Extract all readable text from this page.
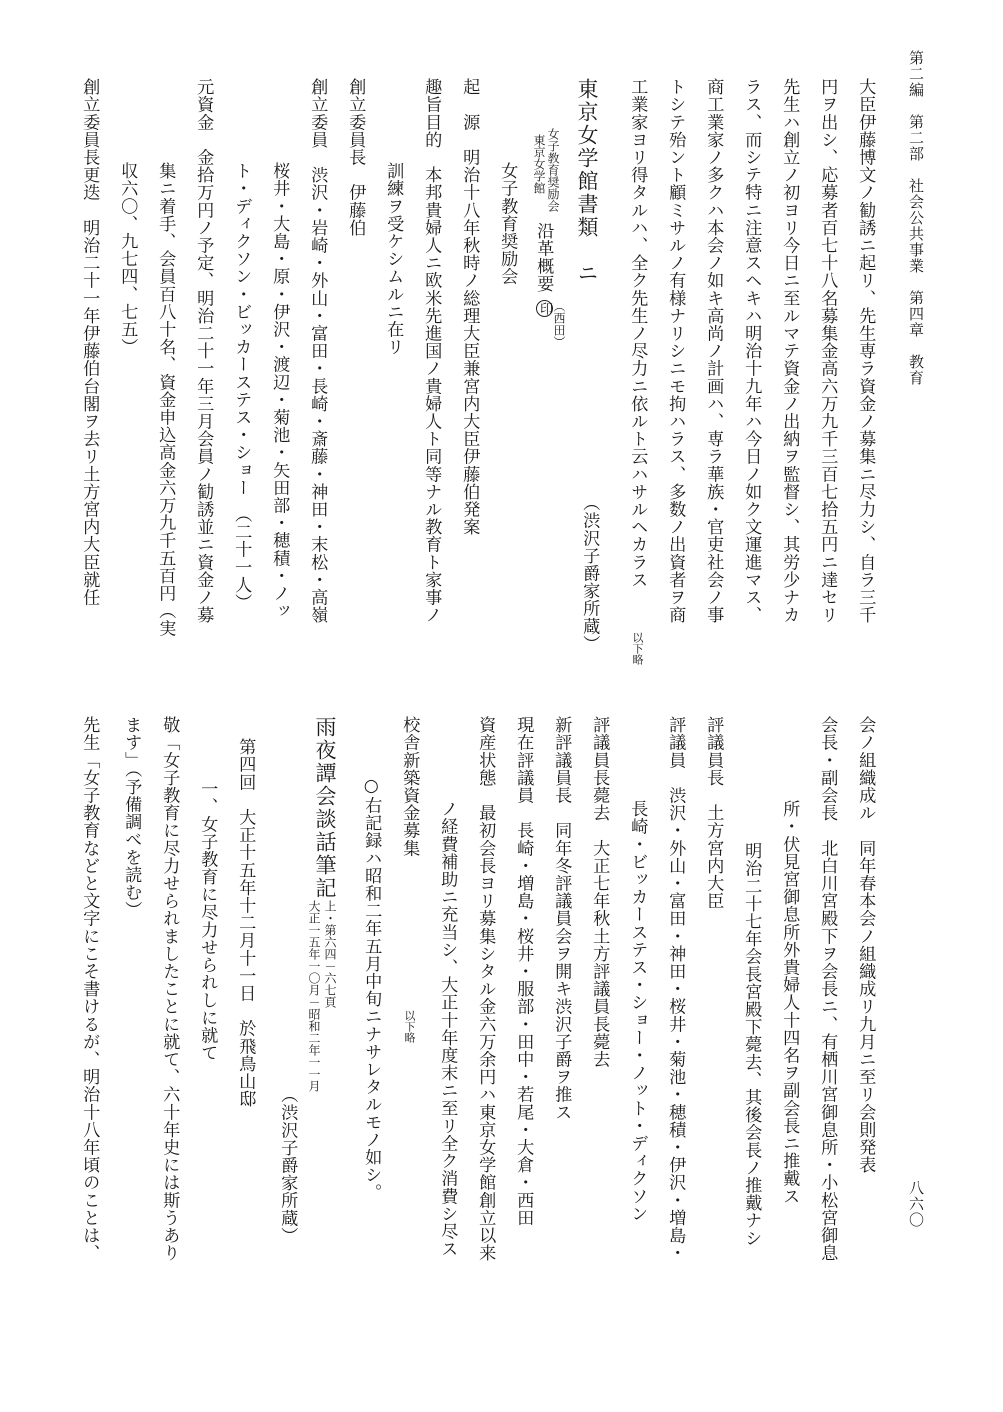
第二編　第二部　社会公共事業　第四章　教育
八六〇
大臣伊藤博文ノ勧誘ニ起リ、先生専ラ資金ノ募集ニ尽力シ、自ラ三千
円ヲ出シ、応募者百七十八名募集金高六万九千三百七拾五円ニ達セリ
先生ハ創立ノ初ヨリ今日ニ至ルマテ資金ノ出納ヲ監督シ、其労少ナカ
ラス、而シテ特ニ注意スヘキハ明治十九年ハ今日ノ如ク文運進マス、
商工業家ノ多クハ本会ノ如キ高尚ノ計画ハ、専ラ華族・官吏社会ノ事
トシテ殆ント顧ミサルノ有様ナリシニモ拘ハラス、多数ノ出資者ヲ商
工業家ヨリ得タルハ、全ク先生ノ尽力ニ依ルト云ハサルヘカラス
以下略
東京女学館書類　ニ
（渋沢子爵家所蔵）
女子教育奨励会
東京女学館
沿革概要
（西田）
印
女子教育奨励会
起　源　明治十八年秋時ノ総理大臣兼宮内大臣伊藤伯発案
趣旨目的　本邦貴婦人ニ欧米先進国ノ貴婦人ト同等ナル教育ト家事ノ
訓練ヲ受ケシムルニ在リ
創立委員長　伊藤伯
創立委員　渋沢・岩崎・外山・富田・長崎・斎藤・神田・末松・高嶺
桜井・大島・原・伊沢・渡辺・菊池・矢田部・穂積・ノッ
ト・ディクソン・ビッカーステス・ショー　（二十一人）
元資金　金拾万円ノ予定、明治二十一年三月会員ノ勧誘並ニ資金ノ募
集ニ着手、会員百八十名、資金申込高金六万九千五百円（実
収六〇、九七四、七五）
創立委員長更迭　明治二十一年伊藤伯台閣ヲ去リ土方宮内大臣就任
会ノ組織成ル　同年春本会ノ組織成リ九月ニ至リ会則発表
会長・副会長　北白川宮殿下ヲ会長ニ、有栖川宮御息所・小松宮御息
所・伏見宮御息所外貴婦人十四名ヲ副会長ニ推戴ス
明治二十七年会長宮殿下薨去、其後会長ノ推戴ナシ
評議員長　土方宮内大臣
評議員　渋沢・外山・富田・神田・桜井・菊池・穂積・伊沢・増島・
長崎・ビッカーステス・ショー・ノット・ディクソン
評議員長薨去　大正七年秋土方評議員長薨去
新評議員長　同年冬評議員会ヲ開キ渋沢子爵ヲ推ス
現在評議員　長崎・増島・桜井・服部・田中・若尾・大倉・西田
資産状態　最初会長ヨリ募集シタル金六万余円ハ東京女学館創立以来
ノ経費補助ニ充当シ、大正十年度末ニ至リ全ク消費シ尽ス
校舎新築資金募集
以下略
○右記録ハ昭和二年五月中旬ニナサレタルモノ如シ。
雨夜譚会談話筆記
上・第六四－六七頁
大正一五年一〇月－昭和二年一一月
（渋沢子爵家所蔵）
第四回　大正十五年十二月十一日　於飛鳥山邸
一、女子教育に尽力せられしに就て
敬「女子教育に尽力せられましたことに就て、六十年史には斯うあり
ます」（予備調べを読む）
先生「女子教育などと文字にこそ書けるが、明治十八年頃のことは、
